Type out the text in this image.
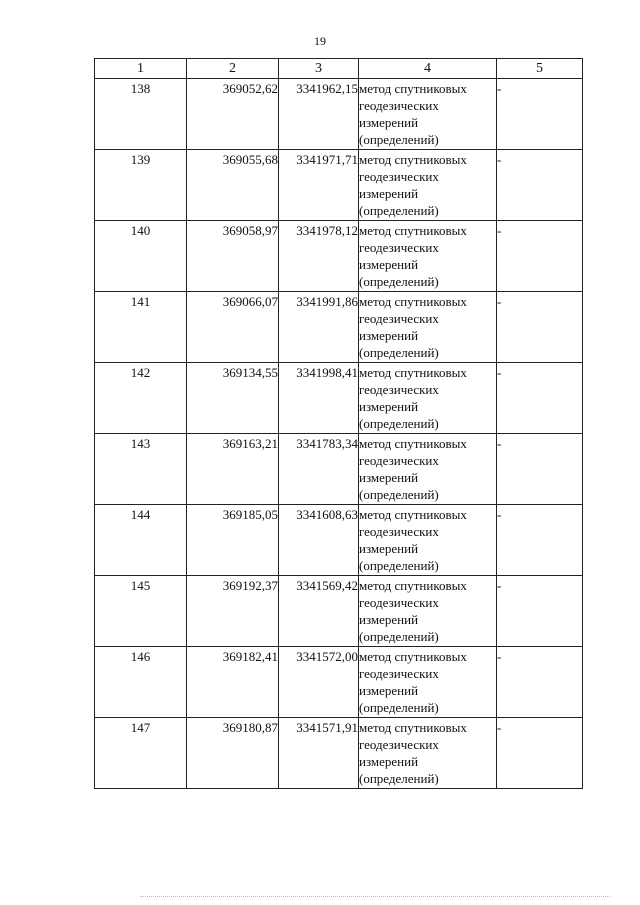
19
1	2	3	4	5
138	369052,62	3341962,15	метод спутниковых
геодезических
измерений
(определений)	-
139	369055,68	3341971,71	метод спутниковых
геодезических
измерений
(определений)	-
140	369058,97	3341978,12	метод спутниковых
геодезических
измерений
(определений)	-
141	369066,07	3341991,86	метод спутниковых
геодезических
измерений
(определений)	-
142	369134,55	3341998,41	метод спутниковых
геодезических
измерений
(определений)	-
143	369163,21	3341783,34	метод спутниковых
геодезических
измерений
(определений)	-
144	369185,05	3341608,63	метод спутниковых
геодезических
измерений
(определений)	-
145	369192,37	3341569,42	метод спутниковых
геодезических
измерений
(определений)	-
146	369182,41	3341572,00	метод спутниковых
геодезических
измерений
(определений)	-
147	369180,87	3341571,91	метод спутниковых
геодезических
измерений
(определений)	-
